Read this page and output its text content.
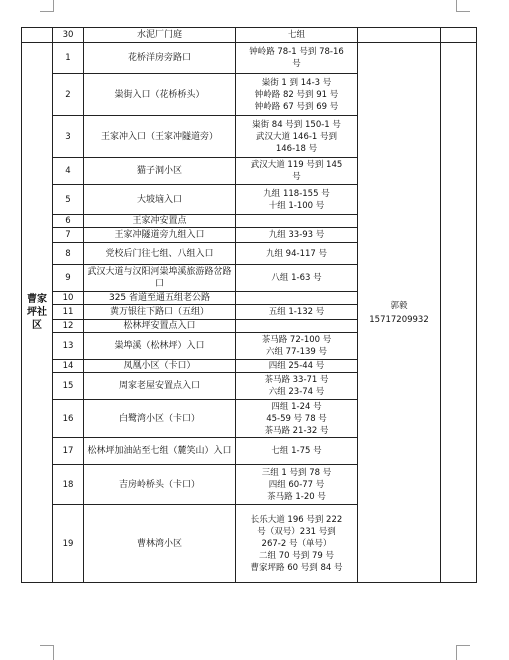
	30	水泥厂门庭	七组		
曹家坪社区	1	花桥洋房旁路口	钟岭路 78-1 号到 78-16
号	郭毅
15717209932	

	2	粜街入口（花桥桥头）	粜街 1 到 14-3 号
钟岭路 82 号到 91 号
钟岭路 67 号到 69 号		

	3	王家冲入口（王家冲隧道旁）	粜街 84 号到 150-1 号
武汉大道 146-1 号到
146-18 号		

	4	猫子洞小区	武汉大道 119 号到 145
号		

	5	大坡垴入口	九组 118-155 号
十组 1-100 号		

	6	王家冲安置点			
	7	王家冲隧道旁九组入口	九组 33-93 号		

	8	党校后门往七组、八组入口	九组 94-117 号		

	9	武汉大道与汉阳河粜埠溪旅游路岔路口	八组 1-63 号		

	10	325 省道至通五组老公路			
	11	黄万银往下路口（五组）	五组 1-132 号		

	12	松林坪安置点入口			
	13	粜埠溪（松林坪）入口	茶马路 72-100 号
六组 77-139 号		

	14	凤凰小区（卡口）	四组 25-44 号		

	15	周家老屋安置点入口	茶马路 33-71 号
六组 23-74 号		

	16	白鹭湾小区（卡口）	四组 1-24 号
45-59 号 78 号
茶马路 21-32 号		

	17	松林坪加油站至七组（麓笑山）入口	七组 1-75 号		

	18	吉房岭桥头（卡口）	三组 1 号到 78 号
四组 60-77 号
茶马路 1-20 号		

	19	曹林湾小区	长乐大道 196 号到 222
号（双号）231 号到
267-2 号（单号）
二组 70 号到 79 号
曹家坪路 60 号到 84 号		
